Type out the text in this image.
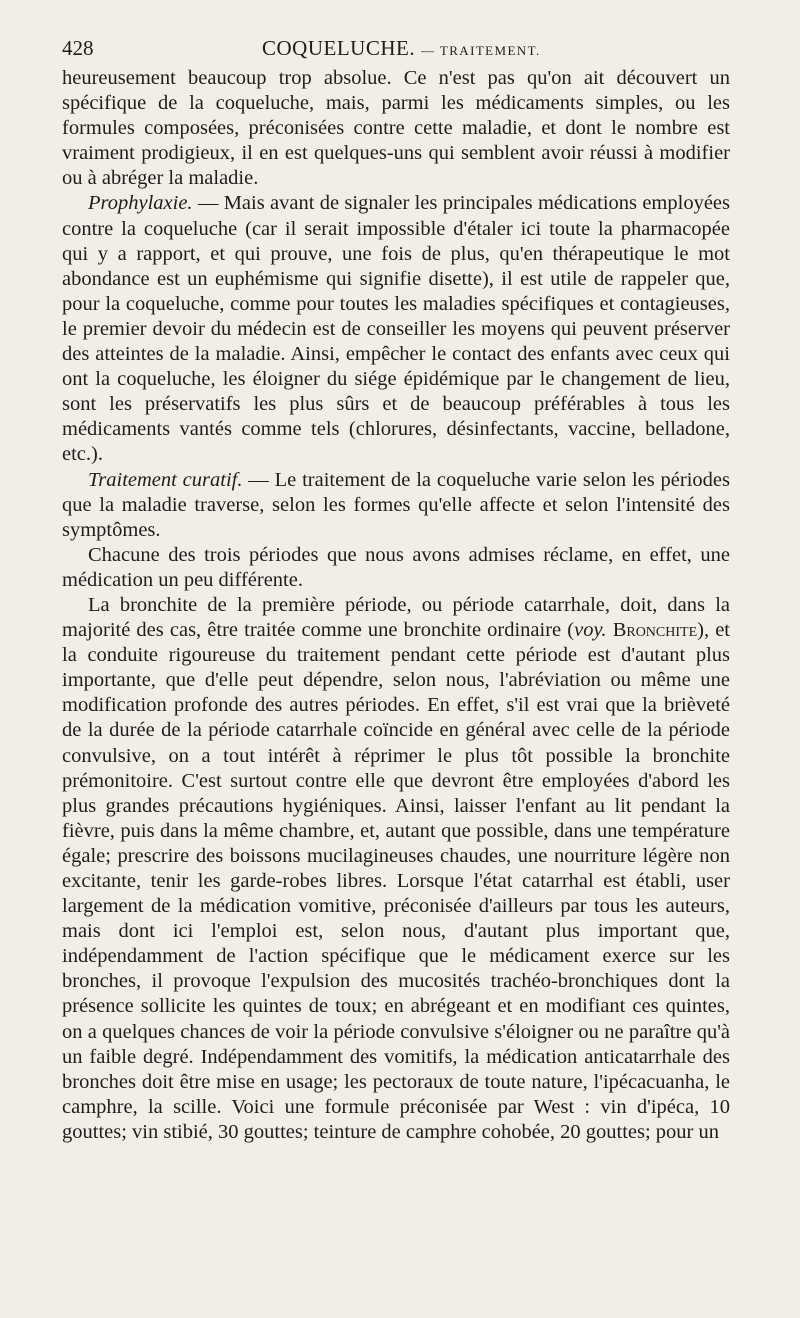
428	COQUELUCHE. — TRAITEMENT.

heureusement beaucoup trop absolue. Ce n'est pas qu'on ait découvert un spécifique de la coqueluche, mais, parmi les médicaments simples, ou les formules composées, préconisées contre cette maladie, et dont le nombre est vraiment prodigieux, il en est quelques-uns qui semblent avoir réussi à modifier ou à abréger la maladie.

Prophylaxie. — Mais avant de signaler les principales médications employées contre la coqueluche (car il serait impossible d'étaler ici toute la pharmacopée qui y a rapport, et qui prouve, une fois de plus, qu'en thérapeutique le mot abondance est un euphémisme qui signifie disette), il est utile de rappeler que, pour la coqueluche, comme pour toutes les maladies spécifiques et contagieuses, le premier devoir du médecin est de conseiller les moyens qui peuvent préserver des atteintes de la maladie. Ainsi, empêcher le contact des enfants avec ceux qui ont la coqueluche, les éloigner du siége épidémique par le changement de lieu, sont les préservatifs les plus sûrs et de beaucoup préférables à tous les médicaments vantés comme tels (chlorures, désinfectants, vaccine, belladone, etc.).

Traitement curatif. — Le traitement de la coqueluche varie selon les périodes que la maladie traverse, selon les formes qu'elle affecte et selon l'intensité des symptômes.

Chacune des trois périodes que nous avons admises réclame, en effet, une médication un peu différente.

La bronchite de la première période, ou période catarrhale, doit, dans la majorité des cas, être traitée comme une bronchite ordinaire (voy. Bronchite), et la conduite rigoureuse du traitement pendant cette période est d'autant plus importante, que d'elle peut dépendre, selon nous, l'abréviation ou même une modification profonde des autres périodes. En effet, s'il est vrai que la brièveté de la durée de la période catarrhale coïncide en général avec celle de la période convulsive, on a tout intérêt à réprimer le plus tôt possible la bronchite prémonitoire. C'est surtout contre elle que devront être employées d'abord les plus grandes précautions hygiéniques. Ainsi, laisser l'enfant au lit pendant la fièvre, puis dans la même chambre, et, autant que possible, dans une température égale; prescrire des boissons mucilagineuses chaudes, une nourriture légère non excitante, tenir les garde-robes libres. Lorsque l'état catarrhal est établi, user largement de la médication vomitive, préconisée d'ailleurs par tous les auteurs, mais dont ici l'emploi est, selon nous, d'autant plus important que, indépendamment de l'action spécifique que le médicament exerce sur les bronches, il provoque l'expulsion des mucosités trachéo-bronchiques dont la présence sollicite les quintes de toux; en abrégeant et en modifiant ces quintes, on a quelques chances de voir la période convulsive s'éloigner ou ne paraître qu'à un faible degré. Indépendamment des vomitifs, la médication anticatarrhale des bronches doit être mise en usage; les pectoraux de toute nature, l'ipécacuanha, le camphre, la scille. Voici une formule préconisée par West : vin d'ipéca, 10 gouttes; vin stibié, 30 gouttes; teinture de camphre cohobée, 20 gouttes; pour un
